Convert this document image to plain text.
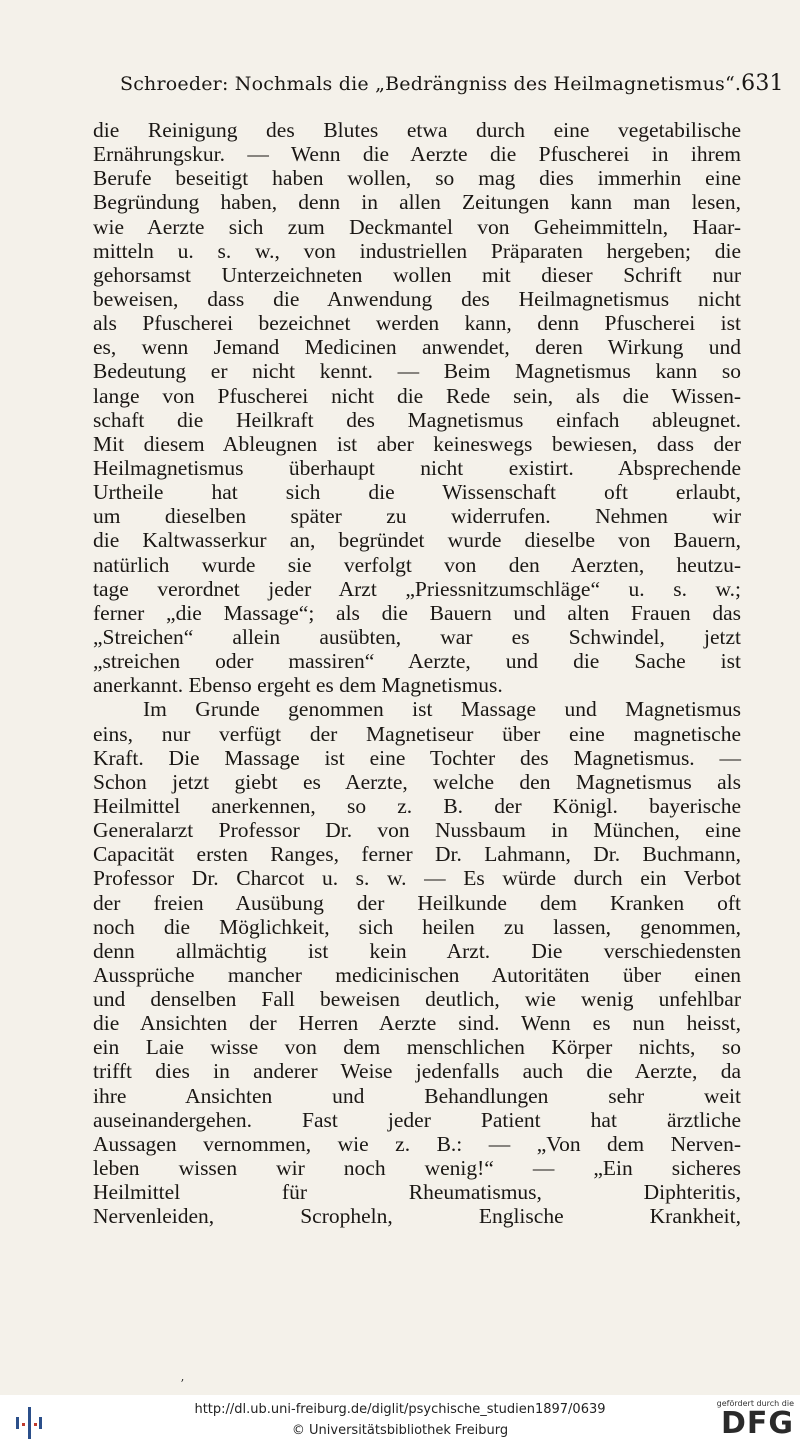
Schroeder: Nochmals die „Bedrängniss des Heilmagnetismus“. 631
die Reinigung des Blutes etwa durch eine vegetabilische
Ernährungskur. — Wenn die Aerzte die Pfuscherei in ihrem
Berufe beseitigt haben wollen, so mag dies immerhin eine
Begründung haben, denn in allen Zeitungen kann man lesen,
wie Aerzte sich zum Deckmantel von Geheimmitteln, Haar-
mitteln u. s. w., von industriellen Präparaten hergeben; die
gehorsamst Unterzeichneten wollen mit dieser Schrift nur
beweisen, dass die Anwendung des Heilmagnetismus nicht
als Pfuscherei bezeichnet werden kann, denn Pfuscherei ist
es, wenn Jemand Medicinen anwendet, deren Wirkung und
Bedeutung er nicht kennt. — Beim Magnetismus kann so
lange von Pfuscherei nicht die Rede sein, als die Wissen-
schaft die Heilkraft des Magnetismus einfach ableugnet.
Mit diesem Ableugnen ist aber keineswegs bewiesen, dass der
Heilmagnetismus überhaupt nicht existirt. Absprechende
Urtheile hat sich die Wissenschaft oft erlaubt,
um dieselben später zu widerrufen. Nehmen wir
die Kaltwasserkur an, begründet wurde dieselbe von Bauern,
natürlich wurde sie verfolgt von den Aerzten, heutzu-
tage verordnet jeder Arzt „Priessnitzumschläge“ u. s. w.;
ferner „die Massage“; als die Bauern und alten Frauen das
„Streichen“ allein ausübten, war es Schwindel, jetzt
„streichen oder massiren“ Aerzte, und die Sache ist
anerkannt. Ebenso ergeht es dem Magnetismus.
Im Grunde genommen ist Massage und Magnetismus
eins, nur verfügt der Magnetiseur über eine magnetische
Kraft. Die Massage ist eine Tochter des Magnetismus. —
Schon jetzt giebt es Aerzte, welche den Magnetismus als
Heilmittel anerkennen, so z. B. der Königl. bayerische
Generalarzt Professor Dr. von Nussbaum in München, eine
Capacität ersten Ranges, ferner Dr. Lahmann, Dr. Buchmann,
Professor Dr. Charcot u. s. w. — Es würde durch ein Verbot
der freien Ausübung der Heilkunde dem Kranken oft
noch die Möglichkeit, sich heilen zu lassen, genommen,
denn allmächtig ist kein Arzt. Die verschiedensten
Aussprüche mancher medicinischen Autoritäten über einen
und denselben Fall beweisen deutlich, wie wenig unfehlbar
die Ansichten der Herren Aerzte sind. Wenn es nun heisst,
ein Laie wisse von dem menschlichen Körper nichts, so
trifft dies in anderer Weise jedenfalls auch die Aerzte, da
ihre Ansichten und Behandlungen sehr weit
auseinandergehen. Fast jeder Patient hat ärztliche
Aussagen vernommen, wie z. B.: — „Von dem Nerven-
leben wissen wir noch wenig!“ — „Ein sicheres
Heilmittel für Rheumatismus, Diphteritis,
Nervenleiden, Scropheln, Englische Krankheit,
ʼ
http://dl.ub.uni-freiburg.de/diglit/psychische_studien1897/0639
© Universitätsbibliothek Freiburg
gefördert durch die
DFG
